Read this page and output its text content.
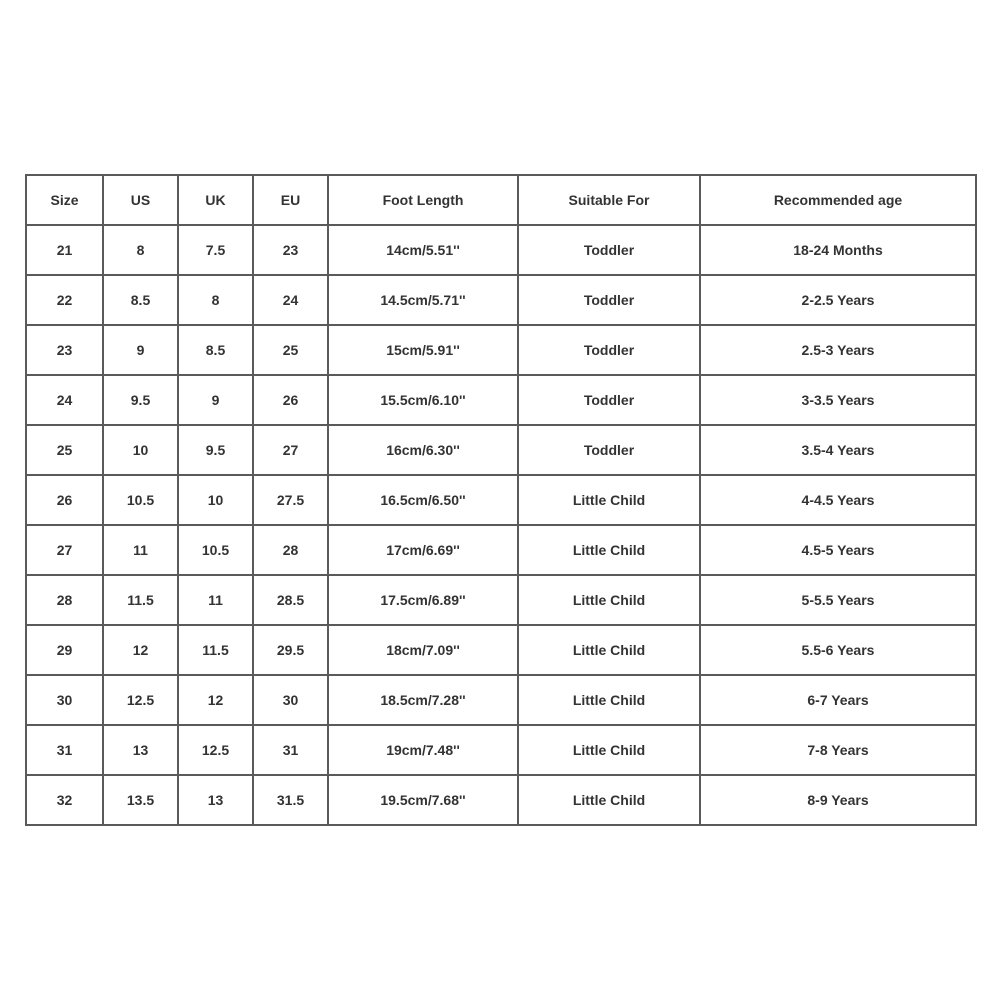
Size	US	UK	EU	Foot Length	Suitable For	Recommended age
21	8	7.5	23	14cm/5.51''	Toddler	18-24 Months
22	8.5	8	24	14.5cm/5.71''	Toddler	2-2.5 Years
23	9	8.5	25	15cm/5.91''	Toddler	2.5-3 Years
24	9.5	9	26	15.5cm/6.10''	Toddler	3-3.5 Years
25	10	9.5	27	16cm/6.30''	Toddler	3.5-4 Years
26	10.5	10	27.5	16.5cm/6.50''	Little Child	4-4.5 Years
27	11	10.5	28	17cm/6.69''	Little Child	4.5-5 Years
28	11.5	11	28.5	17.5cm/6.89''	Little Child	5-5.5 Years
29	12	11.5	29.5	18cm/7.09''	Little Child	5.5-6 Years
30	12.5	12	30	18.5cm/7.28''	Little Child	6-7 Years
31	13	12.5	31	19cm/7.48''	Little Child	7-8 Years
32	13.5	13	31.5	19.5cm/7.68''	Little Child	8-9 Years
